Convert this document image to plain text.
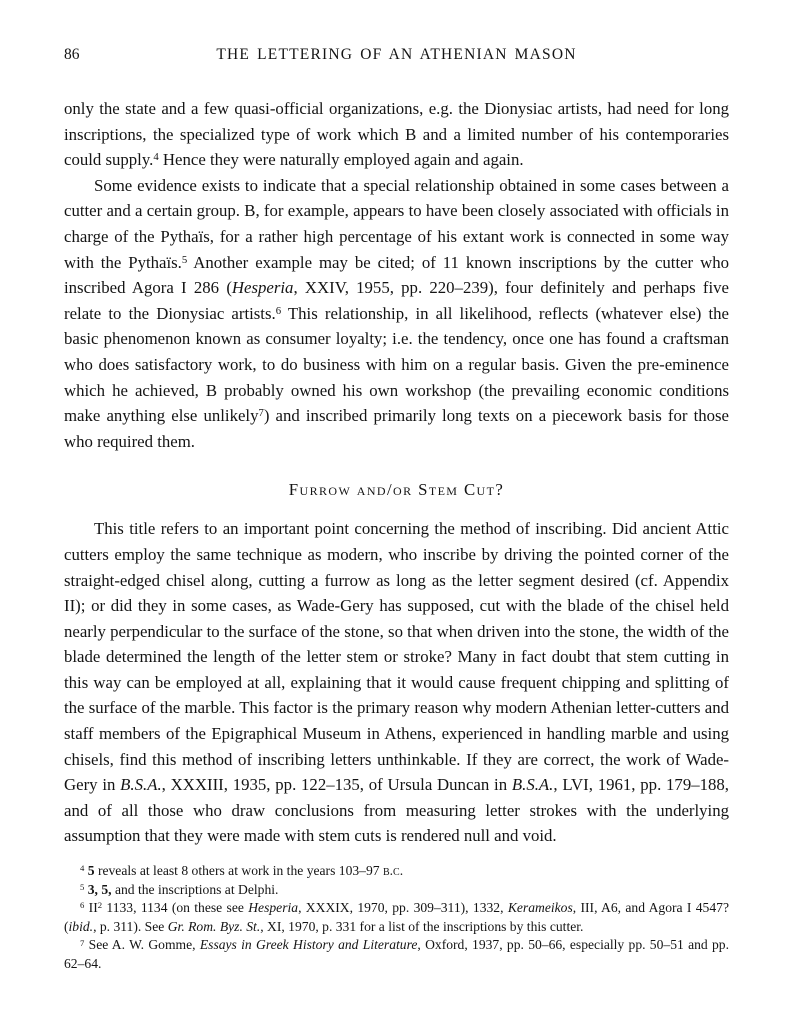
86	THE LETTERING OF AN ATHENIAN MASON

only the state and a few quasi-official organizations, e.g. the Dionysiac artists, had need for long inscriptions, the specialized type of work which B and a limited number of his contemporaries could supply.$^4$ Hence they were naturally employed again and again.

Some evidence exists to indicate that a special relationship obtained in some cases between a cutter and a certain group. B, for example, appears to have been closely associated with officials in charge of the Pythaïs, for a rather high percentage of his extant work is connected in some way with the Pythaïs.$^5$ Another example may be cited; of 11 known inscriptions by the cutter who inscribed Agora I 286 (Hesperia, XXIV, 1955, pp. 220–239), four definitely and perhaps five relate to the Dionysiac artists.$^6$ This relationship, in all likelihood, reflects (whatever else) the basic phenomenon known as consumer loyalty; i.e. the tendency, once one has found a craftsman who does satisfactory work, to do business with him on a regular basis. Given the pre-eminence which he achieved, B probably owned his own workshop (the prevailing economic conditions make anything else unlikely$^7$) and inscribed primarily long texts on a piecework basis for those who required them.

Furrow and/or Stem Cut?

This title refers to an important point concerning the method of inscribing. Did ancient Attic cutters employ the same technique as modern, who inscribe by driving the pointed corner of the straight-edged chisel along, cutting a furrow as long as the letter segment desired (cf. Appendix II); or did they in some cases, as Wade-Gery has supposed, cut with the blade of the chisel held nearly perpendicular to the surface of the stone, so that when driven into the stone, the width of the blade determined the length of the letter stem or stroke? Many in fact doubt that stem cutting in this way can be employed at all, explaining that it would cause frequent chipping and splitting of the surface of the marble. This factor is the primary reason why modern Athenian letter-cutters and staff members of the Epigraphical Museum in Athens, experienced in handling marble and using chisels, find this method of inscribing letters unthinkable. If they are correct, the work of Wade-Gery in B.S.A., XXXIII, 1935, pp. 122–135, of Ursula Duncan in B.S.A., LVI, 1961, pp. 179–188, and of all those who draw conclusions from measuring letter strokes with the underlying assumption that they were made with stem cuts is rendered null and void.

$^4$ 5 reveals at least 8 others at work in the years 103–97 b.c.

$^5$ 3, 5, and the inscriptions at Delphi.

$^6$ $II^2$ 1133, 1134 (on these see Hesperia, XXXIX, 1970, pp. 309–311), 1332, Kerameikos, III, A6, and Agora I 4547? (ibid., p. 311). See Gr. Rom. Byz. St., XI, 1970, p. 331 for a list of the inscriptions by this cutter.

$^7$ See A. W. Gomme, Essays in Greek History and Literature, Oxford, 1937, pp. 50–66, especially pp. 50–51 and pp. 62–64.
